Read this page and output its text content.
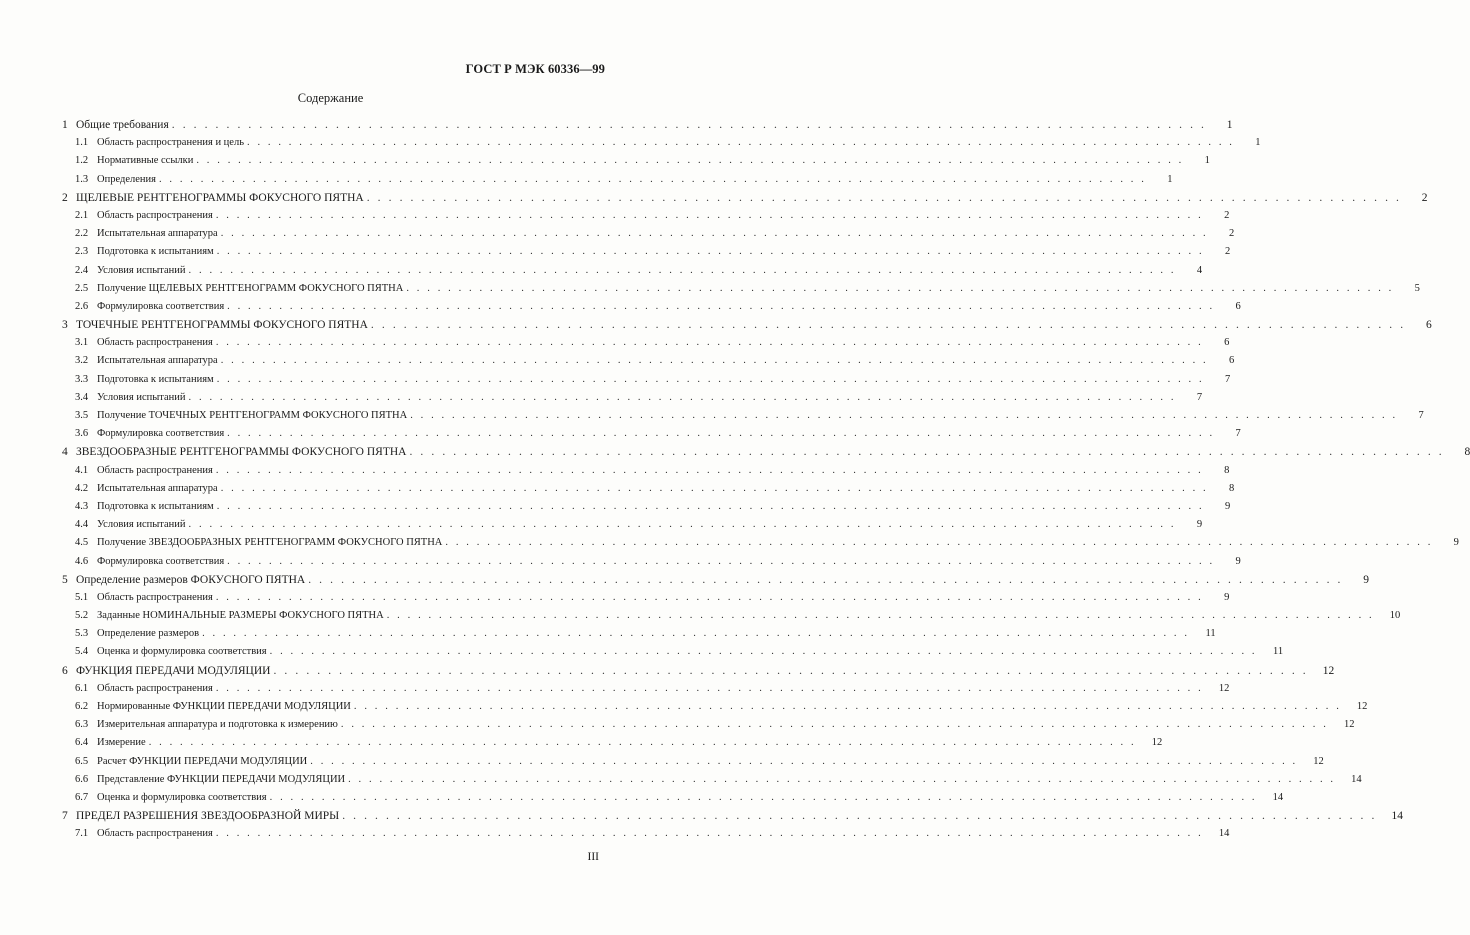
ГОСТ Р МЭК 60336—99
Содержание
1 Общие требования . . .	1
1.1 Область распространения и цель . . .	1
1.2 Нормативные ссылки . . .	1
1.3 Определения . . .	1
2 ЩЕЛЕВЫЕ РЕНТГЕНОГРАММЫ ФОКУСНОГО ПЯТНА . . .	2
2.1 Область распространения . . .	2
2.2 Испытательная аппаратура . . .	2
2.3 Подготовка к испытаниям . . .	2
2.4 Условия испытаний . . .	4
2.5 Получение ЩЕЛЕВЫХ РЕНТГЕНОГРАММ ФОКУСНОГО ПЯТНА . . .	5
2.6 Формулировка соответствия . . .	6
3 ТОЧЕЧНЫЕ РЕНТГЕНОГРАММЫ ФОКУСНОГО ПЯТНА . . .	6
3.1 Область распространения . . .	6
3.2 Испытательная аппаратура . . .	6
3.3 Подготовка к испытаниям . . .	7
3.4 Условия испытаний . . .	7
3.5 Получение ТОЧЕЧНЫХ РЕНТГЕНОГРАММ ФОКУСНОГО ПЯТНА . . .	7
3.6 Формулировка соответствия . . .	7
4 ЗВЕЗДООБРАЗНЫЕ РЕНТГЕНОГРАММЫ ФОКУСНОГО ПЯТНА . . .	8
4.1 Область распространения . . .	8
4.2 Испытательная аппаратура . . .	8
4.3 Подготовка к испытаниям . . .	9
4.4 Условия испытаний . . .	9
4.5 Получение ЗВЕЗДООБРАЗНЫХ РЕНТГЕНОГРАММ ФОКУСНОГО ПЯТНА . . .	9
4.6 Формулировка соответствия . . .	9
5 Определение размеров ФОКУСНОГО ПЯТНА . . .	9
5.1 Область распространения . . .	9
5.2 Заданные НОМИНАЛЬНЫЕ РАЗМЕРЫ ФОКУСНОГО ПЯТНА . . .	10
5.3 Определение размеров . . .	11
5.4 Оценка и формулировка соответствия . . .	11
6 ФУНКЦИЯ ПЕРЕДАЧИ МОДУЛЯЦИИ . . .	12
6.1 Область распространения . . .	12
6.2 Нормированные ФУНКЦИИ ПЕРЕДАЧИ МОДУЛЯЦИИ . . .	12
6.3 Измерительная аппаратура и подготовка к измерению . . .	12
6.4 Измерение . . .	12
6.5 Расчет ФУНКЦИИ ПЕРЕДАЧИ МОДУЛЯЦИИ . . .	12
6.6 Представление ФУНКЦИИ ПЕРЕДАЧИ МОДУЛЯЦИИ . . .	14
6.7 Оценка и формулировка соответствия . . .	14
7 ПРЕДЕЛ РАЗРЕШЕНИЯ ЗВЕЗДООБРАЗНОЙ МИРЫ . . .	14
7.1 Область распространения . . .	14
III
